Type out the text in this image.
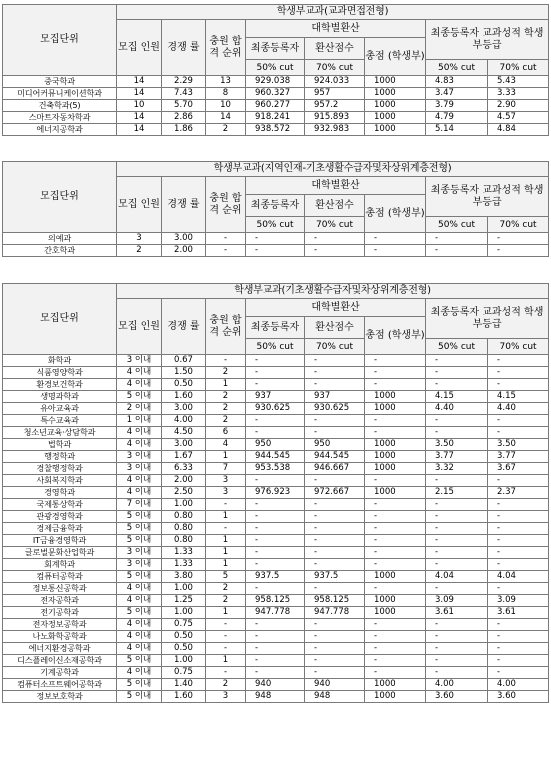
모집단위	학생부교과(교과면접전형)							
	모집 인원	경쟁 률	충원 합격 순위	대학별환산			최종등록자 교과성적 학생부등급	
				최종등록자	환산점수	총점 (학생부)		
				50% cut	70% cut		50% cut	70% cut
중국학과	14	2.29	13	929.038	924.033	1000	4.83	5.43
미디어커뮤니케이션학과	14	7.43	8	960.327	957	1000	3.47	3.33
건축학과(5)	10	5.70	10	960.277	957.2	1000	3.79	2.90
스마트자동차학과	14	2.86	14	918.241	915.893	1000	4.79	4.57
에너지공학과	14	1.86	2	938.572	932.983	1000	5.14	4.84
모집단위	학생부교과(지역인재-기초생활수급자및차상위계층전형)							
	모집 인원	경쟁 률	충원 합격 순위	대학별환산			최종등록자 교과성적 학생부등급	
				최종등록자	환산점수	총점 (학생부)		
				50% cut	70% cut		50% cut	70% cut
의예과	3	3.00	-	-	-	-	-	-
간호학과	2	2.00	-	-	-	-	-	-
모집단위	학생부교과(기초생활수급자및차상위계층전형)							
	모집 인원	경쟁 률	충원 합격 순위	대학별환산			최종등록자 교과성적 학생부등급	
				최종등록자	환산점수	총점 (학생부)		
				50% cut	70% cut		50% cut	70% cut
화학과	3 이내	0.67	-	-	-	-	-	-
식품영양학과	4 이내	1.50	2	-	-	-	-	-
환경보건학과	4 이내	0.50	1	-	-	-	-	-
생명과학과	5 이내	1.60	2	937	937	1000	4.15	4.15
유아교육과	2 이내	3.00	2	930.625	930.625	1000	4.40	4.40
특수교육과	1 이내	4.00	2	-	-	-	-	-
청소년교육·상담학과	4 이내	4.50	6	-	-	-	-	-
법학과	4 이내	3.00	4	950	950	1000	3.50	3.50
행정학과	3 이내	1.67	1	944.545	944.545	1000	3.77	3.77
경찰행정학과	3 이내	6.33	7	953.538	946.667	1000	3.32	3.67
사회복지학과	4 이내	2.00	3	-	-	-	-	-
경영학과	4 이내	2.50	3	976.923	972.667	1000	2.15	2.37
국제통상학과	7 이내	1.00	-	-	-	-	-	-
관광경영학과	5 이내	0.80	1	-	-	-	-	-
경제금융학과	5 이내	0.80	-	-	-	-	-	-
IT금융경영학과	5 이내	0.80	1	-	-	-	-	-
글로벌문화산업학과	3 이내	1.33	1	-	-	-	-	-
회계학과	3 이내	1.33	1	-	-	-	-	-
컴퓨터공학과	5 이내	3.80	5	937.5	937.5	1000	4.04	4.04
정보통신공학과	4 이내	1.00	2	-	-	-	-	-
전자공학과	4 이내	1.25	2	958.125	958.125	1000	3.09	3.09
전기공학과	5 이내	1.00	1	947.778	947.778	1000	3.61	3.61
전자정보공학과	4 이내	0.75	-	-	-	-	-	-
나노화학공학과	4 이내	0.50	-	-	-	-	-	-
에너지환경공학과	4 이내	0.50	-	-	-	-	-	-
디스플레이신소재공학과	5 이내	1.00	1	-	-	-	-	-
기계공학과	4 이내	0.75	-	-	-	-	-	-
컴퓨터소프트웨어공학과	5 이내	1.40	2	940	940	1000	4.00	4.00
정보보호학과	5 이내	1.60	3	948	948	1000	3.60	3.60
